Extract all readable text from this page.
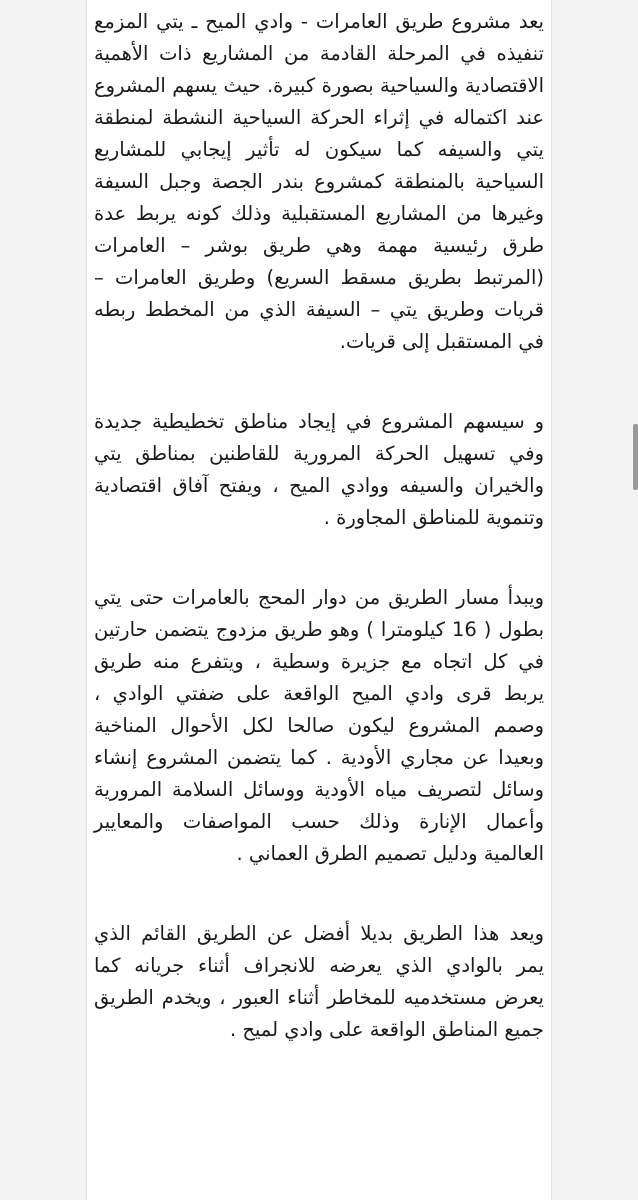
يعد مشروع طريق العامرات - وادي الميح ـ يتي المزمع تنفيذه في المرحلة القادمة من المشاريع ذات الأهمية الاقتصادية والسياحية بصورة كبيرة. حيث يسهم المشروع عند اكتماله في إثراء الحركة السياحية النشطة لمنطقة يتي والسيفه كما سيكون له تأثير إيجابي للمشاريع السياحية بالمنطقة كمشروع بندر الجصة وجبل السيفة وغيرها من المشاريع المستقبلية وذلك كونه يربط عدة طرق رئيسية مهمة وهي طريق بوشر – العامرات (المرتبط بطريق مسقط السريع) وطريق العامرات – قريات وطريق يتي – السيفة الذي من المخطط ربطه في المستقبل إلى قريات.

و سيسهم المشروع في إيجاد مناطق تخطيطية جديدة وفي تسهيل الحركة المرورية للقاطنين بمناطق يتي والخيران والسيفه ووادي الميح ، ويفتح آفاق اقتصادية وتنموية للمناطق المجاورة .

ويبدأ مسار الطريق من دوار المحج بالعامرات حتى يتي بطول ( 16 كيلومترا ) وهو طريق مزدوج يتضمن حارتين في كل اتجاه مع جزيرة وسطية ، ويتفرع منه طريق يربط قرى وادي الميح الواقعة على ضفتي الوادي ، وصمم المشروع ليكون صالحا لكل الأحوال المناخية وبعيدا عن مجاري الأودية . كما يتضمن المشروع إنشاء وسائل لتصريف مياه الأودية ووسائل السلامة المرورية وأعمال الإنارة وذلك حسب المواصفات والمعايير العالمية ودليل تصميم الطرق العماني .

ويعد هذا الطريق بديلا أفضل عن الطريق القائم الذي يمر بالوادي الذي يعرضه للانجراف أثناء جريانه كما يعرض مستخدميه للمخاطر أثناء العبور ، ويخدم الطريق جميع المناطق الواقعة على وادي لميح .
